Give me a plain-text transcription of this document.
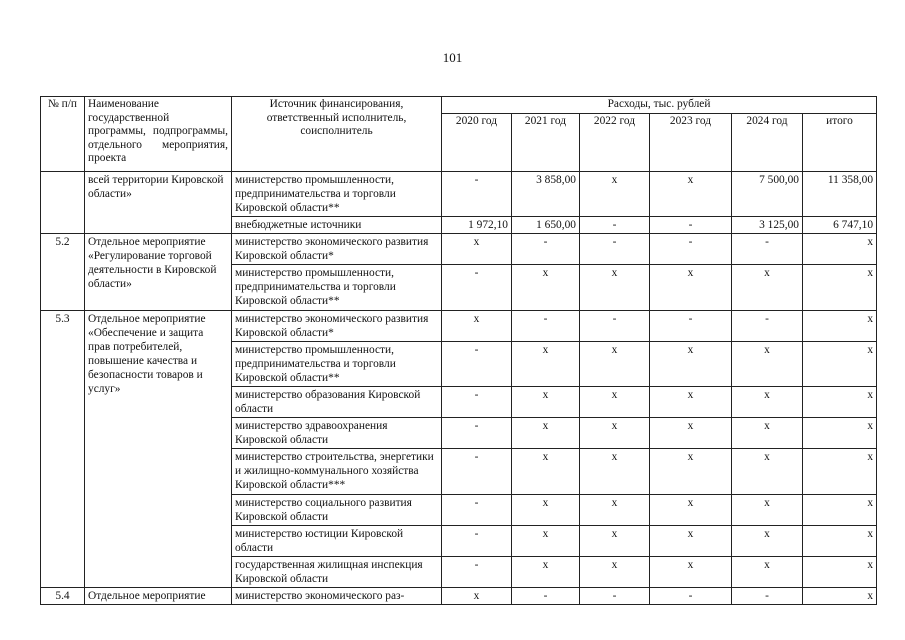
101
№ п/п	Наименование государственной программы, подпрограммы, отдельного мероприятия, проекта	Источник финансирования, ответственный исполнитель, соисполнитель	Расходы, тыс. рублей					
			2020 год	2021 год	2022 год	2023 год	2024 год	итого
	всей территории Кировской области»	министерство промышленности, предпринимательства и торговли Кировской области**	-	3 858,00	х	х	7 500,00	11 358,00
		внебюджетные источники	1 972,10	1 650,00	-	-	3 125,00	6 747,10
5.2	Отдельное мероприятие «Регулирование торговой деятельности в Кировской области»	министерство экономического развития Кировской области*	х	-	-	-	-	х
		министерство промышленности, предпринимательства и торговли Кировской области**	-	х	х	х	х	х
5.3	Отдельное мероприятие «Обеспечение и защита прав потребителей, повышение качества и безопасности товаров и услуг»	министерство экономического развития Кировской области*	х	-	-	-	-	х
		министерство промышленности, предпринимательства и торговли Кировской области**	-	х	х	х	х	х
		министерство образования Кировской области	-	х	х	х	х	х
		министерство здравоохранения Кировской области	-	х	х	х	х	х
		министерство строительства, энергетики и жилищно-коммунального хозяйства Кировской области***	-	х	х	х	х	х
		министерство социального развития Кировской области	-	х	х	х	х	х
		министерство юстиции Кировской области	-	х	х	х	х	х
		государственная жилищная инспекция Кировской области	-	х	х	х	х	х
5.4	Отдельное мероприятие	министерство экономического раз-	х	-	-	-	-	х
